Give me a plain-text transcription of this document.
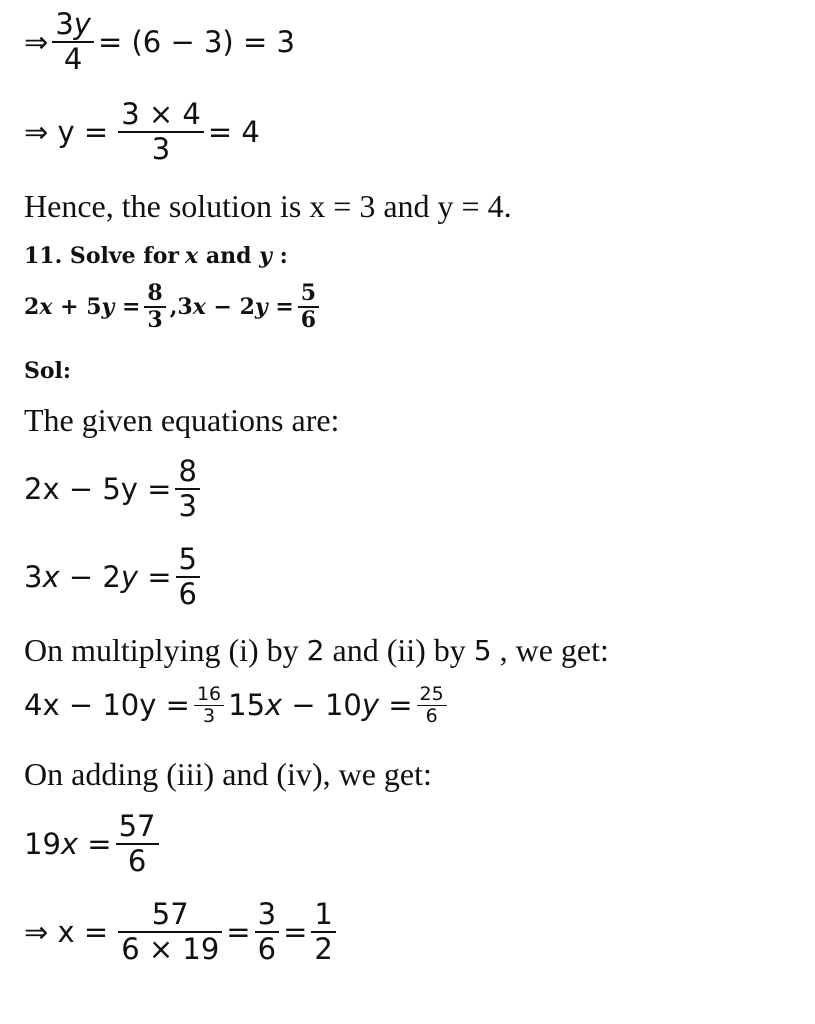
⇒ $\frac{3y}{4} = (6 - 3) = 3$
⇒ $y = \frac{3 \times 4}{3} = 4$
Hence, the solution is x = 3 and y = 4.
11. Solve for x and y :
2 x + 5 $y = \frac{8}{3}$ , 3 x − 2 $y = \frac{5}{6}$
Sol:
The given equations are:
$2x - 5y = \frac{8}{3}$
3 x − 2 $y = \frac{5}{6}$
On multiplying (i) by 2 and (ii) by 5 , we get:
$4x - 10y = \frac{16}{3} 15$ x − 10 $y = \frac{25}{6}$
On adding (iii) and (iv), we get:
19 $x = \frac{57}{6}$
⇒ $x = \frac{57}{6 \times 19} = \frac{3}{6} = \frac{1}{2}$
